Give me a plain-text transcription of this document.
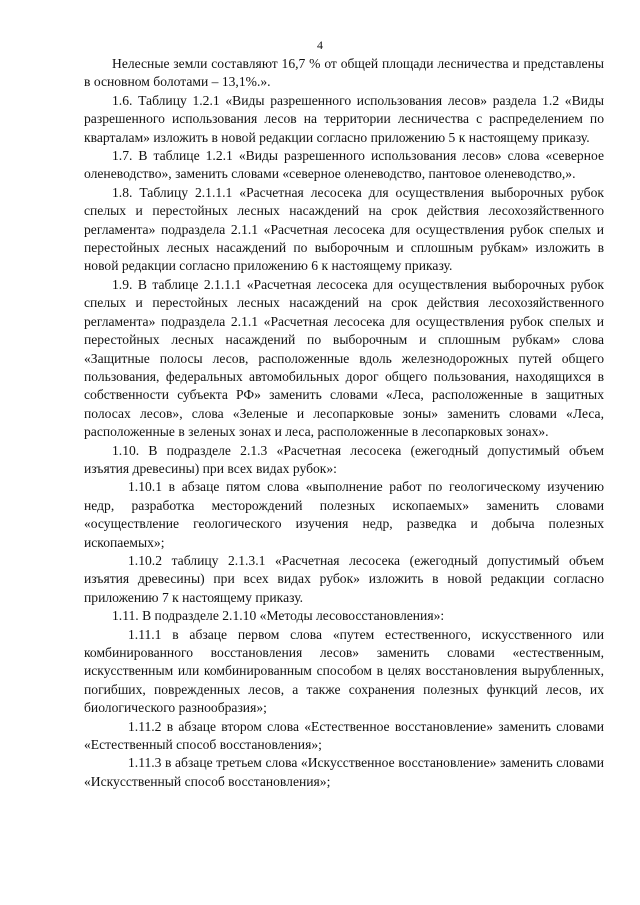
4

Нелесные земли составляют 16,7 % от общей площади лесничества и представлены в основном болотами – 13,1%.».

1.6. Таблицу 1.2.1 «Виды разрешенного использования лесов» раздела 1.2 «Виды разрешенного использования лесов на территории лесничества с распределением по кварталам» изложить в новой редакции согласно приложению 5 к настоящему приказу.

1.7. В таблице 1.2.1 «Виды разрешенного использования лесов» слова «северное оленеводство», заменить словами «северное оленеводство, пантовое оленеводство,».

1.8. Таблицу 2.1.1.1 «Расчетная лесосека для осуществления выборочных рубок спелых и перестойных лесных насаждений на срок действия лесохозяйственного регламента» подраздела 2.1.1 «Расчетная лесосека для осуществления рубок спелых и перестойных лесных насаждений по выборочным и сплошным рубкам» изложить в новой редакции согласно приложению 6 к настоящему приказу.

1.9. В таблице 2.1.1.1 «Расчетная лесосека для осуществления выборочных рубок спелых и перестойных лесных насаждений на срок действия лесохозяйственного регламента» подраздела 2.1.1 «Расчетная лесосека для осуществления рубок спелых и перестойных лесных насаждений по выборочным и сплошным рубкам» слова «Защитные полосы лесов, расположенные вдоль железнодорожных путей общего пользования, федеральных автомобильных дорог общего пользования, находящихся в собственности субъекта РФ» заменить словами «Леса, расположенные в защитных полосах лесов», слова «Зеленые и лесопарковые зоны» заменить словами «Леса, расположенные в зеленых зонах и леса, расположенные в лесопарковых зонах».

1.10. В подразделе 2.1.3 «Расчетная лесосека (ежегодный допустимый объем изъятия древесины) при всех видах рубок»:

1.10.1 в абзаце пятом слова «выполнение работ по геологическому изучению недр, разработка месторождений полезных ископаемых» заменить словами «осуществление геологического изучения недр, разведка и добыча полезных ископаемых»;

1.10.2 таблицу 2.1.3.1 «Расчетная лесосека (ежегодный допустимый объем изъятия древесины) при всех видах рубок» изложить в новой редакции согласно приложению 7 к настоящему приказу.

1.11. В подразделе 2.1.10 «Методы лесовосстановления»:

1.11.1 в абзаце первом слова «путем естественного, искусственного или комбинированного восстановления лесов» заменить словами «естественным, искусственным или комбинированным способом в целях восстановления вырубленных, погибших, поврежденных лесов, а также сохранения полезных функций лесов, их биологического разнообразия»;

1.11.2 в абзаце втором слова «Естественное восстановление» заменить словами «Естественный способ восстановления»;

1.11.3 в абзаце третьем слова «Искусственное восстановление» заменить словами «Искусственный способ восстановления»;
